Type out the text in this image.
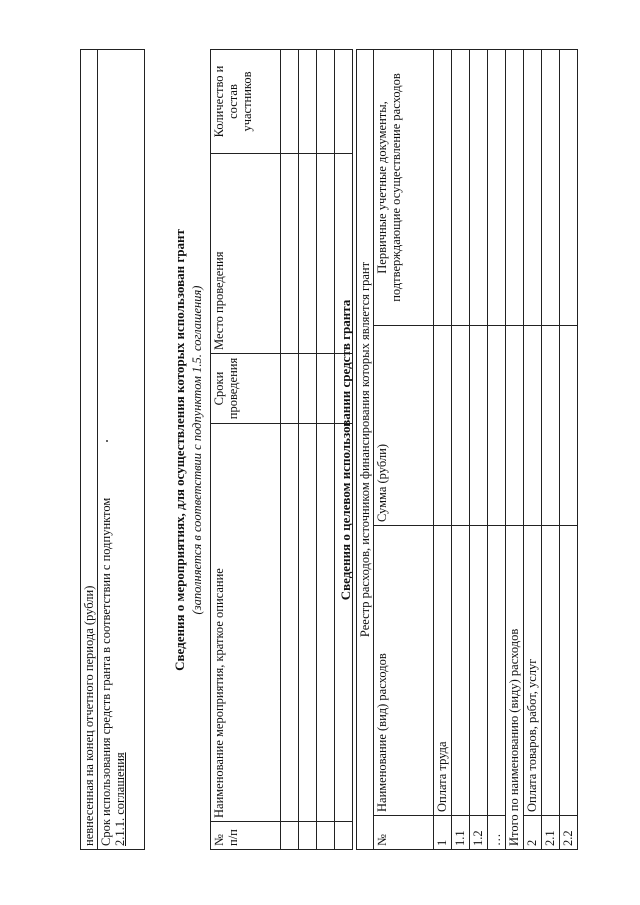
невнесенная на конец отчетного периода (рубли)
Срок использования средств гранта в соответствии с подпунктом
2.1.1. соглашения
Сведения о мероприятиях, для осуществления которых использован грант (заполняется в соответствии с подпунктом 1.5. соглашения)
№ п/п	Наименование мероприятия, краткое описание	Сроки проведения	Место проведения	Количество и состав участников

Сведения о целевом использовании средств гранта Реестр расходов, источником финансирования которых является грант			
№	Наименование (вид) расходов	Сумма (рубли)	Первичные учетные документы, подтверждающие осуществление расходов
1	Оплата труда		
1.1			
1.2			
…			
Итого по наименованию (виду) расходов			
2	Оплата товаров, работ, услуг		
2.1			
2.2			
